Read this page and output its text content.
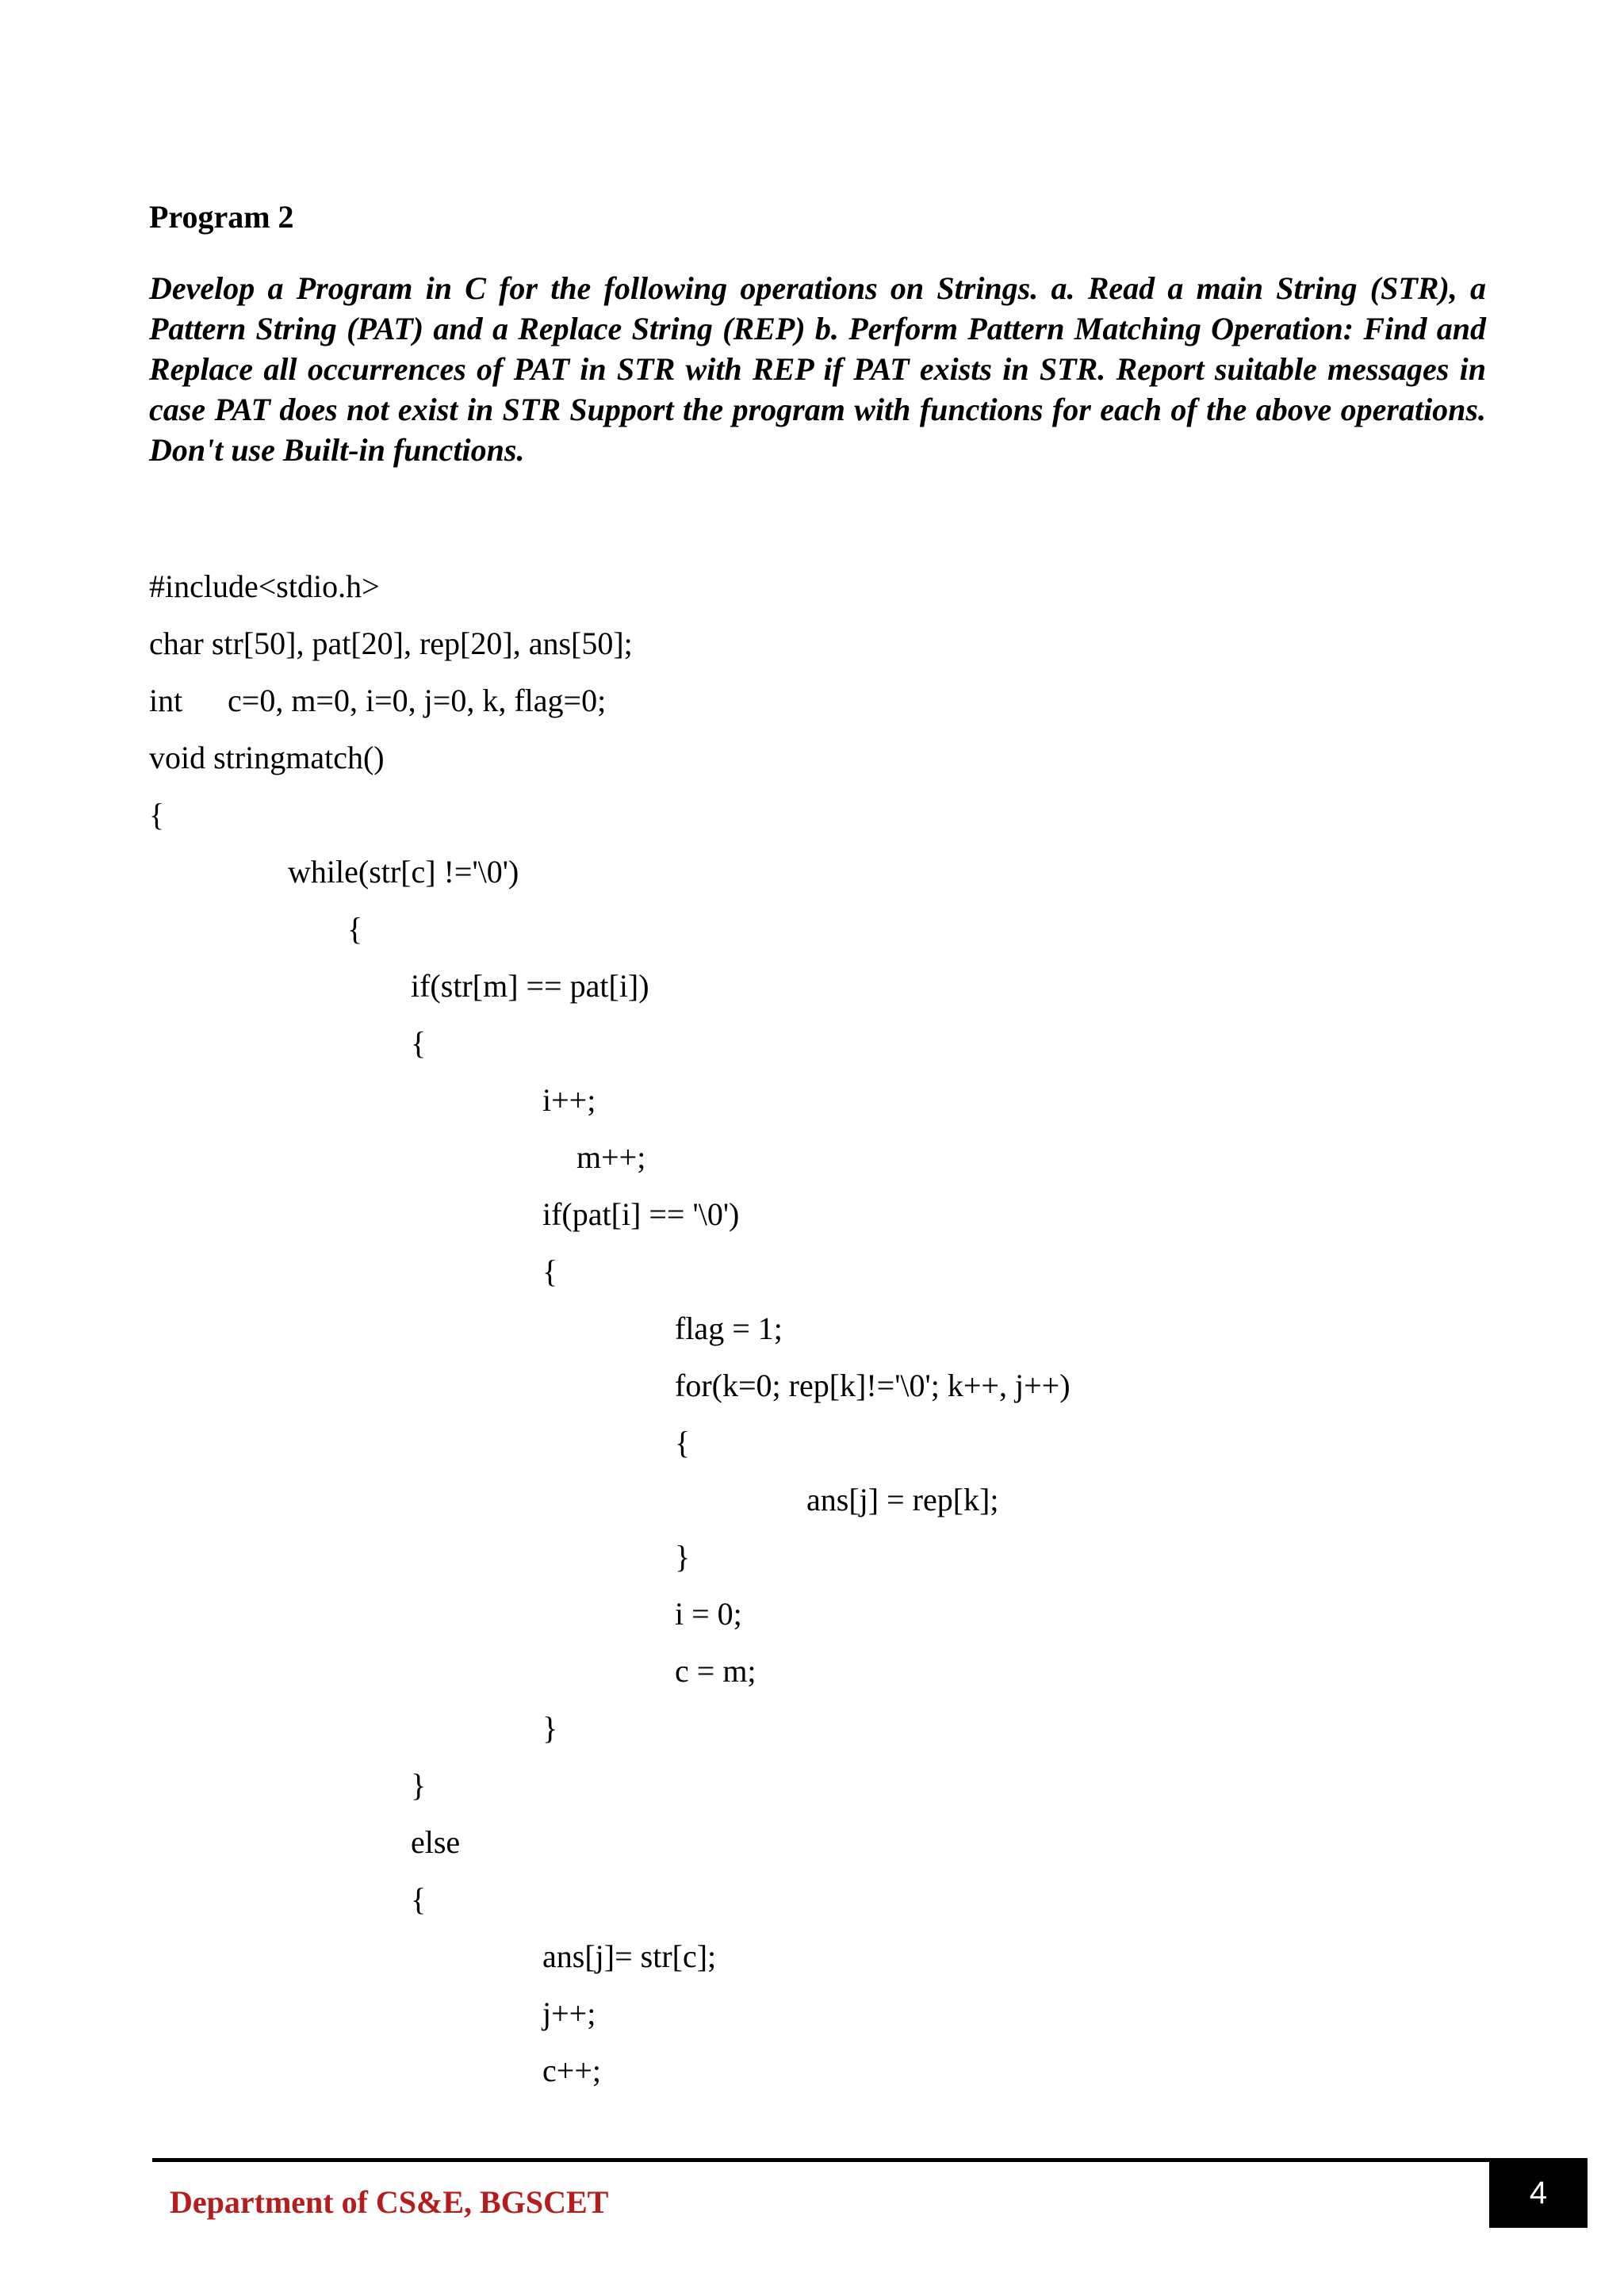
Program 2
Develop a Program in C for the following operations on Strings. a. Read a main String (STR), a Pattern String (PAT) and a Replace String (REP) b. Perform Pattern Matching Operation: Find and Replace all occurrences of PAT in STR with REP if PAT exists in STR. Report suitable messages in case PAT does not exist in STR Support the program with functions for each of the above operations. Don't use Built-in functions.
#include<stdio.h>
char str[50], pat[20], rep[20], ans[50];
int c=0, m=0, i=0, j=0, k, flag=0;
void stringmatch()
{
while(str[c] !='\0')
{
if(str[m] == pat[i])
{
i++;
m++;
if(pat[i] == '\0')
{
flag = 1;
for(k=0; rep[k]!='\0'; k++, j++)
{
ans[j] = rep[k];
}
i = 0;
c = m;
}
}
else
{
ans[j]= str[c];
j++;
c++;
Department of CS&E, BGSCET	4
